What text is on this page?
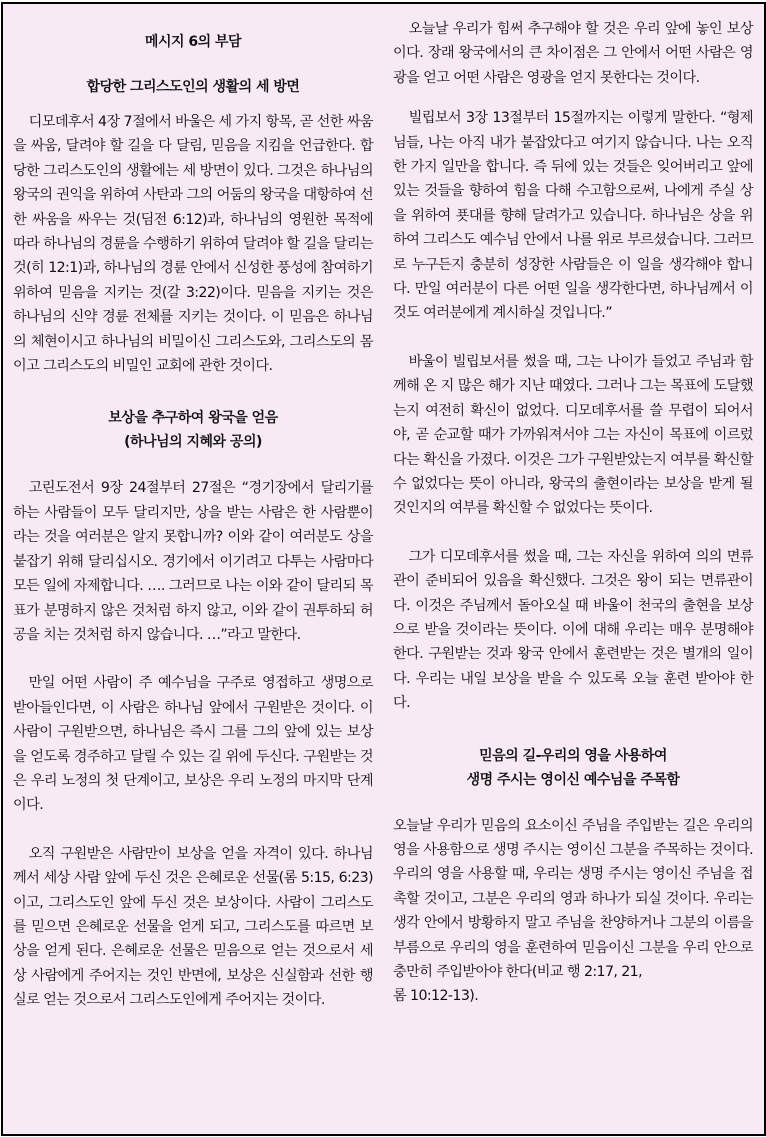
메시지 6의 부담
합당한 그리스도인의 생활의 세 방면

디모데후서 4장 7절에서 바울은 세 가지 항목, 곧 선한 싸움을 싸움, 달려야 할 길을 다 달림, 믿음을 지킴을 언급한다. 합당한 그리스도인의 생활에는 세 방면이 있다. 그것은 하나님의 왕국의 권익을 위하여 사탄과 그의 어둠의 왕국을 대항하여 선한 싸움을 싸우는 것(딤전 6:12)과, 하나님의 영원한 목적에 따라 하나님의 경륜을 수행하기 위하여 달려야 할 길을 달리는 것(히 12:1)과, 하나님의 경륜 안에서 신성한 풍성에 참여하기 위하여 믿음을 지키는 것(갈 3:22)이다. 믿음을 지키는 것은 하나님의 신약 경륜 전체를 지키는 것이다. 이 믿음은 하나님의 체현이시고 하나님의 비밀이신 그리스도와, 그리스도의 몸이고 그리스도의 비밀인 교회에 관한 것이다.

보상을 추구하여 왕국을 얻음
(하나님의 지혜와 공의)

고린도전서 9장 24절부터 27절은 “경기장에서 달리기를 하는 사람들이 모두 달리지만, 상을 받는 사람은 한 사람뿐이라는 것을 여러분은 알지 못합니까? 이와 같이 여러분도 상을 붙잡기 위해 달리십시오. 경기에서 이기려고 다투는 사람마다 모든 일에 자제합니다. …. 그러므로 나는 이와 같이 달리되 목표가 분명하지 않은 것처럼 하지 않고, 이와 같이 권투하되 허공을 치는 것처럼 하지 않습니다. …”라고 말한다.

만일 어떤 사람이 주 예수님을 구주로 영접하고 생명으로 받아들인다면, 이 사람은 하나님 앞에서 구원받은 것이다. 이 사람이 구원받으면, 하나님은 즉시 그를 그의 앞에 있는 보상을 얻도록 경주하고 달릴 수 있는 길 위에 두신다. 구원받는 것은 우리 노정의 첫 단계이고, 보상은 우리 노정의 마지막 단계이다.

오직 구원받은 사람만이 보상을 얻을 자격이 있다. 하나님께서 세상 사람 앞에 두신 것은 은혜로운 선물(롬 5:15, 6:23)이고, 그리스도인 앞에 두신 것은 보상이다. 사람이 그리스도를 믿으면 은혜로운 선물을 얻게 되고, 그리스도를 따르면 보상을 얻게 된다. 은혜로운 선물은 믿음으로 얻는 것으로서 세상 사람에게 주어지는 것인 반면에, 보상은 신실함과 선한 행실로 얻는 것으로서 그리스도인에게 주어지는 것이다.

오늘날 우리가 힘써 추구해야 할 것은 우리 앞에 놓인 보상이다. 장래 왕국에서의 큰 차이점은 그 안에서 어떤 사람은 영광을 얻고 어떤 사람은 영광을 얻지 못한다는 것이다.

빌립보서 3장 13절부터 15절까지는 이렇게 말한다. “형제님들, 나는 아직 내가 붙잡았다고 여기지 않습니다. 나는 오직 한 가지 일만을 합니다. 즉 뒤에 있는 것들은 잊어버리고 앞에 있는 것들을 향하여 힘을 다해 수고함으로써, 나에게 주실 상을 위하여 푯대를 향해 달려가고 있습니다. 하나님은 상을 위하여 그리스도 예수님 안에서 나를 위로 부르셨습니다. 그러므로 누구든지 충분히 성장한 사람들은 이 일을 생각해야 합니다. 만일 여러분이 다른 어떤 일을 생각한다면, 하나님께서 이것도 여러분에게 계시하실 것입니다.”

바울이 빌립보서를 썼을 때, 그는 나이가 들었고 주님과 함께해 온 지 많은 해가 지난 때였다. 그러나 그는 목표에 도달했는지 여전히 확신이 없었다. 디모데후서를 쓸 무렵이 되어서야, 곧 순교할 때가 가까워져서야 그는 자신이 목표에 이르렀다는 확신을 가졌다. 이것은 그가 구원받았는지 여부를 확신할 수 없었다는 뜻이 아니라, 왕국의 출현이라는 보상을 받게 될 것인지의 여부를 확신할 수 없었다는 뜻이다.

그가 디모데후서를 썼을 때, 그는 자신을 위하여 의의 면류관이 준비되어 있음을 확신했다. 그것은 왕이 되는 면류관이다. 이것은 주님께서 돌아오실 때 바울이 천국의 출현을 보상으로 받을 것이라는 뜻이다. 이에 대해 우리는 매우 분명해야 한다. 구원받는 것과 왕국 안에서 훈련받는 것은 별개의 일이다. 우리는 내일 보상을 받을 수 있도록 오늘 훈련 받아야 한다.

믿음의 길-우리의 영을 사용하여
생명 주시는 영이신 예수님을 주목함

오늘날 우리가 믿음의 요소이신 주님을 주입받는 길은 우리의 영을 사용함으로 생명 주시는 영이신 그분을 주목하는 것이다. 우리의 영을 사용할 때, 우리는 생명 주시는 영이신 주님을 접촉할 것이고, 그분은 우리의 영과 하나가 되실 것이다. 우리는 생각 안에서 방황하지 말고 주님을 찬양하거나 그분의 이름을 부름으로 우리의 영을 훈련하여 믿음이신 그분을 우리 안으로 충만히 주입받아야 한다(비교 행 2:17, 21,

롬 10:12-13).
